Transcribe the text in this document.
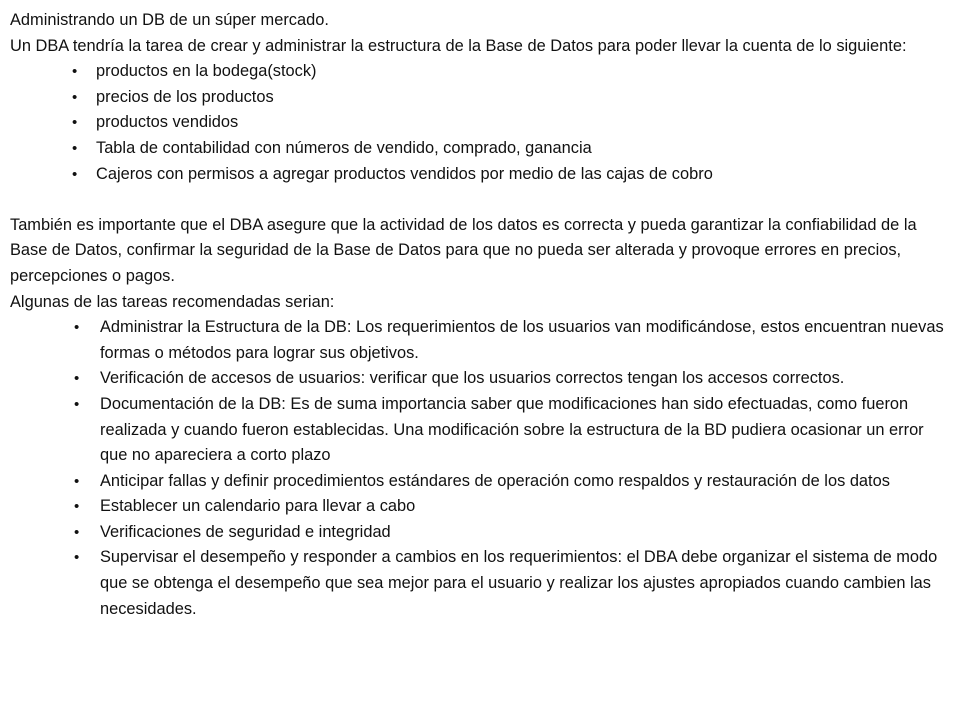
Administrando un DB de un súper mercado.

Un DBA tendría la tarea de crear y administrar la estructura de la Base de Datos para poder llevar la cuenta de lo siguiente:

• productos en la bodega(stock)
• precios de los productos
• productos vendidos
• Tabla de contabilidad con números de vendido, comprado, ganancia
• Cajeros con permisos a agregar productos vendidos por medio de las cajas de cobro

También es importante que el DBA asegure que la actividad de los datos es correcta y pueda garantizar la confiabilidad de la Base de Datos, confirmar la seguridad de la Base de Datos para que no pueda ser alterada y provoque errores en precios, percepciones o pagos.

Algunas de las tareas recomendadas serian:

• Administrar la Estructura de la DB: Los requerimientos de los usuarios van modificándose, estos encuentran nuevas formas o métodos para lograr sus objetivos.
• Verificación de accesos de usuarios: verificar que los usuarios correctos tengan los accesos correctos.
• Documentación de la DB: Es de suma importancia saber que modificaciones han sido efectuadas, como fueron realizada y cuando fueron establecidas. Una modificación sobre la estructura de la BD pudiera ocasionar un error que no apareciera a corto plazo
• Anticipar fallas y definir procedimientos estándares de operación como respaldos y restauración de los datos
• Establecer un calendario para llevar a cabo
• Verificaciones de seguridad e integridad
• Supervisar el desempeño y responder a cambios en los requerimientos: el DBA debe organizar el sistema de modo que se obtenga el desempeño que sea mejor para el usuario y realizar los ajustes apropiados cuando cambien las necesidades.
